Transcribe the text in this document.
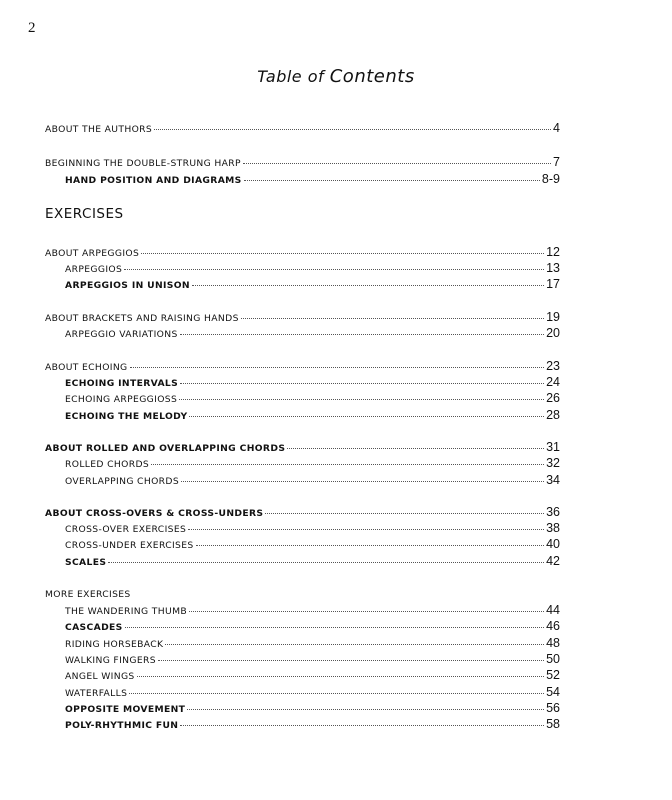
2
Table of Contents
ABOUT THE AUTHORS	4
BEGINNING THE DOUBLE-STRUNG HARP	7
HAND POSITION AND DIAGRAMS	8-9
EXERCISES
ABOUT ARPEGGIOS	12
ARPEGGIOS	13
ARPEGGIOS IN UNISON	17
ABOUT BRACKETS AND RAISING HANDS	19
ARPEGGIO VARIATIONS	20
ABOUT ECHOING	23
ECHOING INTERVALS	24
ECHOING ARPEGGIOSS	26
ECHOING THE MELODY	28
ABOUT ROLLED AND OVERLAPPING CHORDS	31
ROLLED CHORDS	32
OVERLAPPING CHORDS	34
ABOUT CROSS-OVERS & CROSS-UNDERS	36
CROSS-OVER EXERCISES	38
CROSS-UNDER EXERCISES	40
SCALES	42
MORE EXERCISES
THE WANDERING THUMB	44
CASCADES	46
RIDING HORSEBACK	48
WALKING FINGERS	50
ANGEL WINGS	52
WATERFALLS	54
OPPOSITE MOVEMENT	56
POLY-RHYTHMIC FUN	58
